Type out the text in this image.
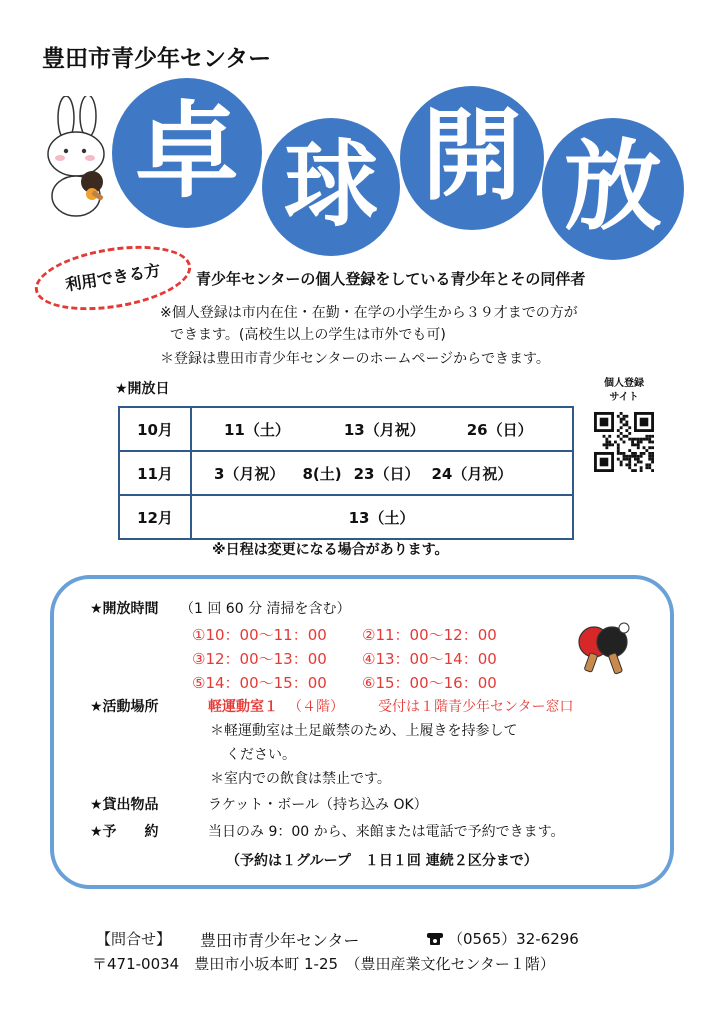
豊田市青少年センター
卓 球 開 放
利用できる方	青少年センターの個人登録をしている青少年とその同伴者
※個人登録は市内在住・在勤・在学の小学生から３９才までの方が
できます。(高校生以上の学生は市外でも可)
＊登録は豊田市青少年センターのホームページからできます。
★開放日
10月	11（土） 13（月祝） 26（日）
11月	3（月祝） 8(土) 23（日） 24（月祝）
12月	13（土）
個人登録
サイト
※日程は変更になる場合があります。
★開放時間 （1 回 60 分 清掃を含む）
①10：00〜11：00 ②11：00〜12：00
③12：00〜13：00 ④13：00〜14：00
⑤14：00〜15：00 ⑥15：00〜16：00
★活動場所	軽運動室１ （４階） 受付は１階青少年センター窓口
＊軽運動室は土足厳禁のため、上履きを持参して
ください。
＊室内での飲食は禁止です。
★貸出物品	ラケット・ボール（持ち込み OK）
★予　　約	当日のみ 9：00 から、来館または電話で予約できます。
（予約は１グループ　１日１回 連続２区分まで）
【問合せ】 豊田市青少年センター	（0565）32-6296
〒471-0034　豊田市小坂本町 1-25　（豊田産業文化センター１階）
